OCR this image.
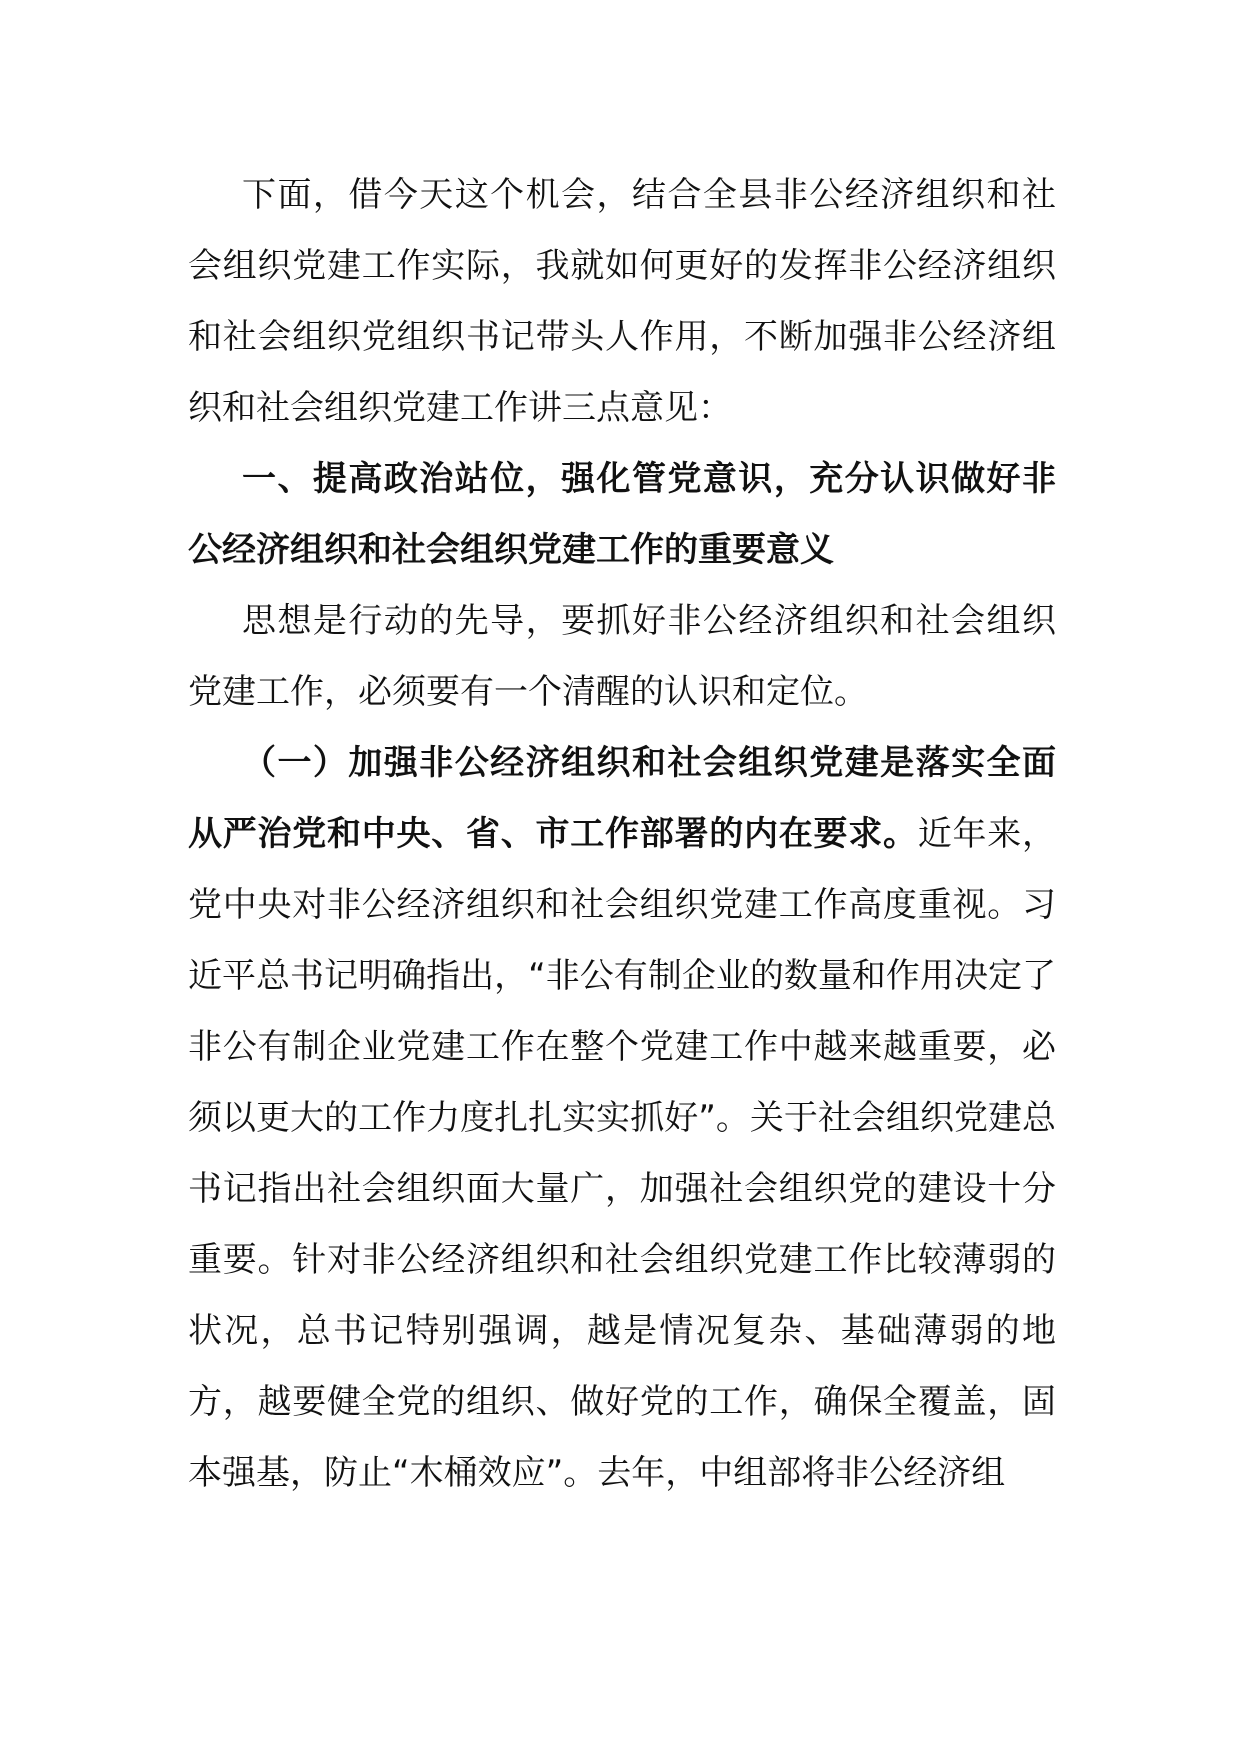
下面，借今天这个机会，结合全县非公经济组织和社会组织党建工作实际，我就如何更好的发挥非公经济组织和社会组织党组织书记带头人作用，不断加强非公经济组织和社会组织党建工作讲三点意见：

一、提高政治站位，强化管党意识，充分认识做好非公经济组织和社会组织党建工作的重要意义

思想是行动的先导，要抓好非公经济组织和社会组织党建工作，必须要有一个清醒的认识和定位。

（一）加强非公经济组织和社会组织党建是落实全面从严治党和中央、省、市工作部署的内在要求。近年来，党中央对非公经济组织和社会组织党建工作高度重视。习近平总书记明确指出，“非公有制企业的数量和作用决定了非公有制企业党建工作在整个党建工作中越来越重要，必须以更大的工作力度扎扎实实抓好”。关于社会组织党建总书记指出社会组织面大量广，加强社会组织党的建设十分重要。针对非公经济组织和社会组织党建工作比较薄弱的状况，总书记特别强调，越是情况复杂、基础薄弱的地方，越要健全党的组织、做好党的工作，确保全覆盖，固本强基，防止“木桶效应”。去年，中组部将非公经济组
